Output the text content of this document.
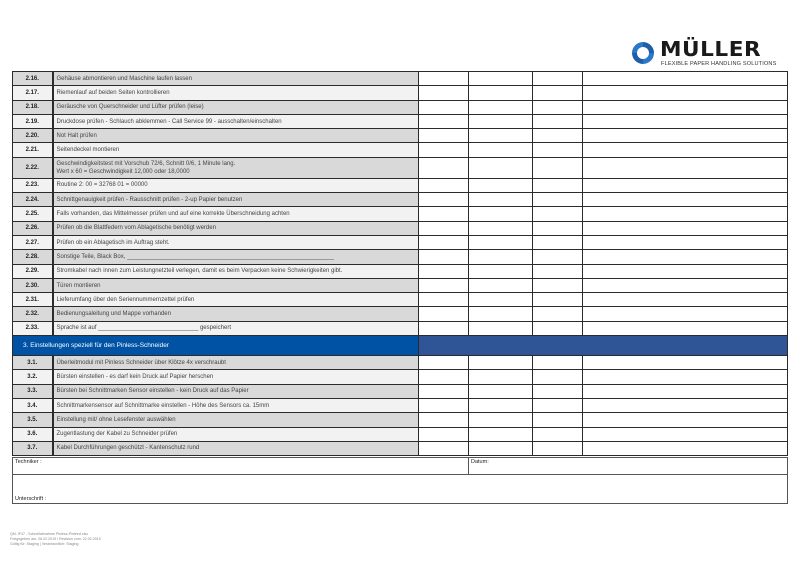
MÜLLER
FLEXIBLE PAPER HANDLING SOLUTIONS
2.16.	Gehäuse abmontieren und Maschine laufen lassen				
2.17.	Riemenlauf auf beiden Seiten kontrollieren				
2.18.	Geräusche von Querschneider und Lüfter prüfen (leise)				
2.19.	Druckdose prüfen - Schlauch abklemmen - Call Service 99 - ausschalten/einschalten				
2.20.	Not Halt prüfen				
2.21.	Seitendeckel montieren				
2.22.	Geschwindigkeitstest mit Vorschub 72/6, Schnitt 0/6, 1 Minute lang.
Wert x 60 = Geschwindigkeit 12,000 oder 18,0000				
2.23.	Routine 2: 00 = 32768 01 = 00000				
2.24.	Schnittgenauigkeit prüfen - Rausschnitt prüfen - 2-up Papier benutzen				
2.25.	Falls vorhanden, das Mittelmesser prüfen und auf eine korrekte Überschneidung achten				
2.26.	Prüfen ob die Blattfedern vom Ablagetische benötigt werden				
2.27.	Prüfen ob ein Ablagetisch im Auftrag steht.				
2.28.	Sonstige Teile, Black Box, ______________________________________________________________				
2.29.	Stromkabel nach innen zum Leistungnetzteil verlegen, damit es beim Verpacken keine Schwierigkeiten gibt.				
2.30.	Türen montieren				
2.31.	Lieferumfang über den Seriennummernzettel prüfen				
2.32.	Bedienungsaleitung und Mappe vorhanden				
2.33.	Sprache ist auf ______________________________ gespeichert				
3. Einstellungen speziell für den Pinless-Schneider					
3.1.	Überleitmodul mit Pinless Schneider über Klötze 4x verschraubt				
3.2.	Bürsten einstellen - es darf kein Druck auf Papier herschen				
3.3.	Bürsten bei Schnittmarken Sensor einstellen - kein Druck auf das Papier				
3.4.	Schnittmarkensensor auf Schnittmarke einstellen - Höhe des Sensors ca. 15mm				
3.5.	Einstellung mit/ ohne Lesefenster auswählen				
3.6.	Zugentlastung der Kabel zu Schneider prüfen				
3.7.	Kabel Durchführungen geschützt - Kantenschutz rund				
Techniker :	Datum:
Unterschrift :
QM: IF47 - Schnellabnahme Pinless-Pinfeed.xlsx
Freigegeben am: 26.02.2019 / Revision vom: 22.02.2019
Gültig für: Staging | Verantwortlich: Staging
